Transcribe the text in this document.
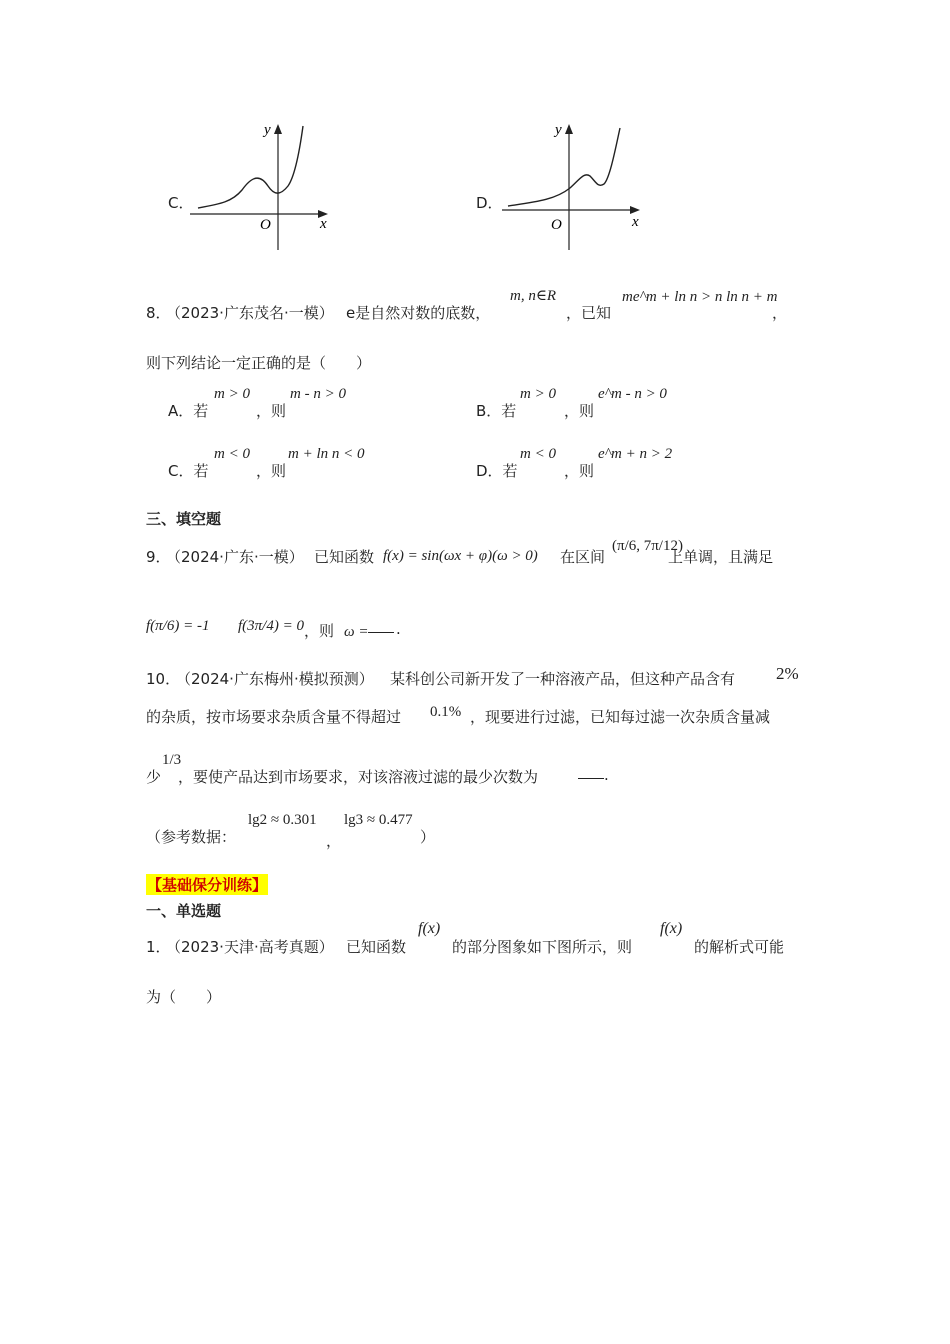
C．
y
x
O
D．
y
x
O
8．
（2023·广东茂名·一模） e是自然对数的底数，
m, n∈R
，已知
me^m + ln n > n ln n + m
，
则下列结论一定正确的是（　　）
A．若
m > 0
，则
m - n > 0
B．若
m > 0
，则
e^m - n > 0
C．若
m < 0
，则
m + ln n < 0
D．若
m < 0
，则
e^m + n > 2
三、填空题
9．
（2024·广东·一模） 已知函数 f(x) = sin(ωx + φ)(ω > 0) 在区间
(π/6, 7π/12)
上单调，且满足
f(π/6) = -1 f(3π/4) = 0 ，则 ω = .
10．
（2024·广东梅州·模拟预测） 某科创公司新开发了一种溶液产品，但这种产品含有 2%
的杂质，按市场要求杂质含量不得超过 0.1% ，现要进行过滤，已知每过滤一次杂质含量减
少
1/3
，要使产品达到市场要求，对该溶液过滤的最少次数为	.
（参考数据：
lg2 ≈ 0.301
，
lg3 ≈ 0.477
）
【基础保分训练】
一、单选题
1．
（2023·天津·高考真题） 已知函数
f(x)
的部分图象如下图所示，则
f(x)
的解析式可能
为（　　）
